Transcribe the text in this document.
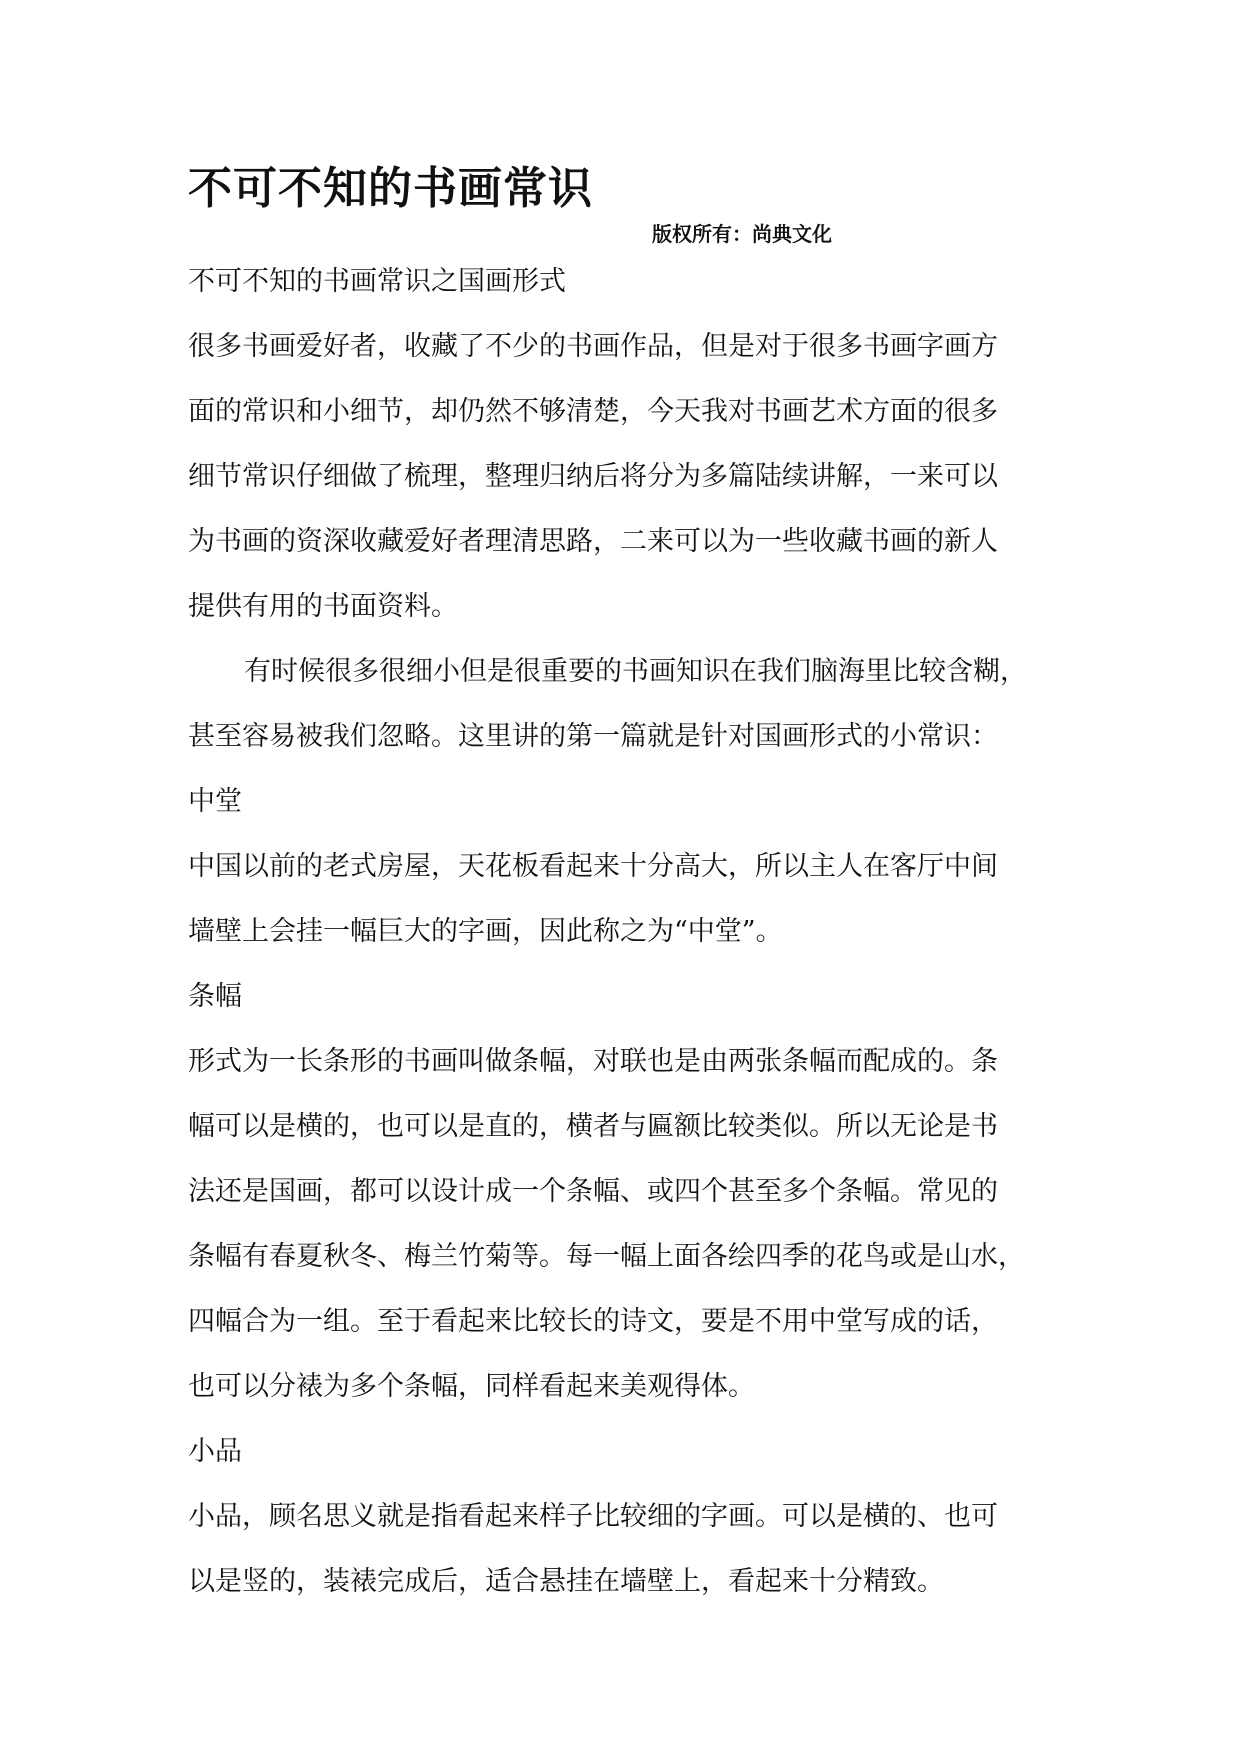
不可不知的书画常识
版权所有：尚典文化
不可不知的书画常识之国画形式
很多书画爱好者，收藏了不少的书画作品，但是对于很多书画字画方
面的常识和小细节，却仍然不够清楚，今天我对书画艺术方面的很多
细节常识仔细做了梳理，整理归纳后将分为多篇陆续讲解，一来可以
为书画的资深收藏爱好者理清思路，二来可以为一些收藏书画的新人
提供有用的书面资料。
有时候很多很细小但是很重要的书画知识在我们脑海里比较含糊，
甚至容易被我们忽略。这里讲的第一篇就是针对国画形式的小常识：
中堂
中国以前的老式房屋，天花板看起来十分高大，所以主人在客厅中间
墙壁上会挂一幅巨大的字画，因此称之为“中堂”。
条幅
形式为一长条形的书画叫做条幅，对联也是由两张条幅而配成的。条
幅可以是横的，也可以是直的，横者与匾额比较类似。所以无论是书
法还是国画，都可以设计成一个条幅、或四个甚至多个条幅。常见的
条幅有春夏秋冬、梅兰竹菊等。每一幅上面各绘四季的花鸟或是山水，
四幅合为一组。至于看起来比较长的诗文，要是不用中堂写成的话，
也可以分裱为多个条幅，同样看起来美观得体。
小品
小品，顾名思义就是指看起来样子比较细的字画。可以是横的、也可
以是竖的，装裱完成后，适合悬挂在墙壁上，看起来十分精致。
